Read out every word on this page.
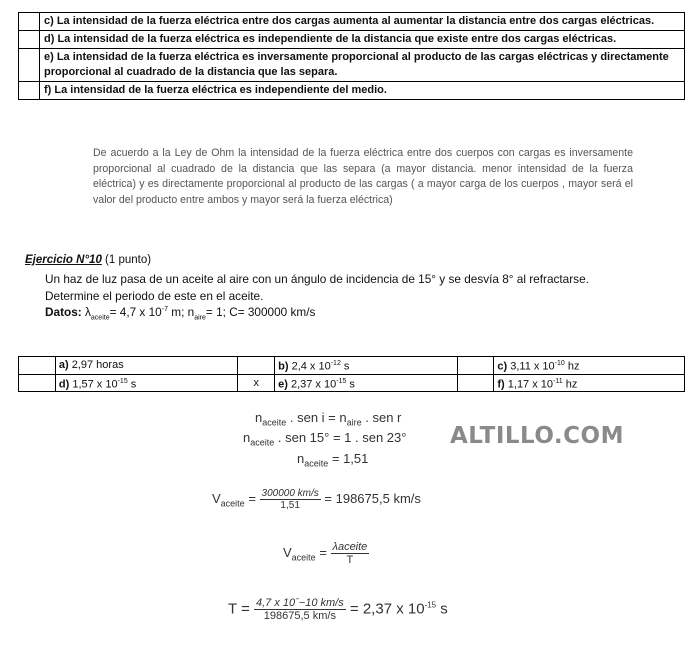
	c) La intensidad de la fuerza eléctrica entre dos cargas aumenta al aumentar la distancia entre dos cargas eléctricas.
	d) La intensidad de la fuerza eléctrica es independiente de la distancia que existe entre dos cargas eléctricas.
	e) La intensidad de la fuerza eléctrica es inversamente proporcional al producto de las cargas eléctricas y directamente proporcional al cuadrado de la distancia que las separa.
	f) La intensidad de la fuerza eléctrica es independiente del medio.
De acuerdo a la Ley de Ohm la intensidad de la fuerza eléctrica entre dos cuerpos con cargas es inversamente proporcional al cuadrado de la distancia que las separa (a mayor distancia. menor intensidad de la fuerza eléctrica) y es directamente proporcional al producto de las cargas ( a mayor carga de los cuerpos , mayor será el valor del producto entre ambos y mayor será la fuerza eléctrica)
Ejercicio N°10 (1 punto)
Un haz de luz pasa de un aceite al aire con un ángulo de incidencia de 15° y se desvía 8° al refractarse. Determine el periodo de este en el aceite.
Datos: $\lambda_{aceite}= 4,7$ x $10^{-7}$ m; $n_{aire}= 1$; C= 300000 km/s
	a) 2,97 horas		b) 2,4 x $10^{-12}$ s		c) 3,11 x $10^{-10}$ hz
	d) 1,57 x $10^{-15}$ s	x	e) 2,37 x $10^{-15}$ s		f) 1,17 x $10^{-11}$ hz
$n_{aceite}$ . sen $i = n_{aire}$ . sen r
$n_{aceite}$ . sen 15° = 1 . sen 23°
$n_{aceite} = 1,51$
$V_{aceite} = \frac{300000 km/s}{1,51} = 198675,5$ km/s
$V_{aceite} = \frac{\text{λaceite}}{T}$
$T = \frac{\text{4,7 x 10ˉ−10 km/s}}{198675,5 km/s} = 2,37$ x $10^{-15}$ s
ALTILLO.COM
